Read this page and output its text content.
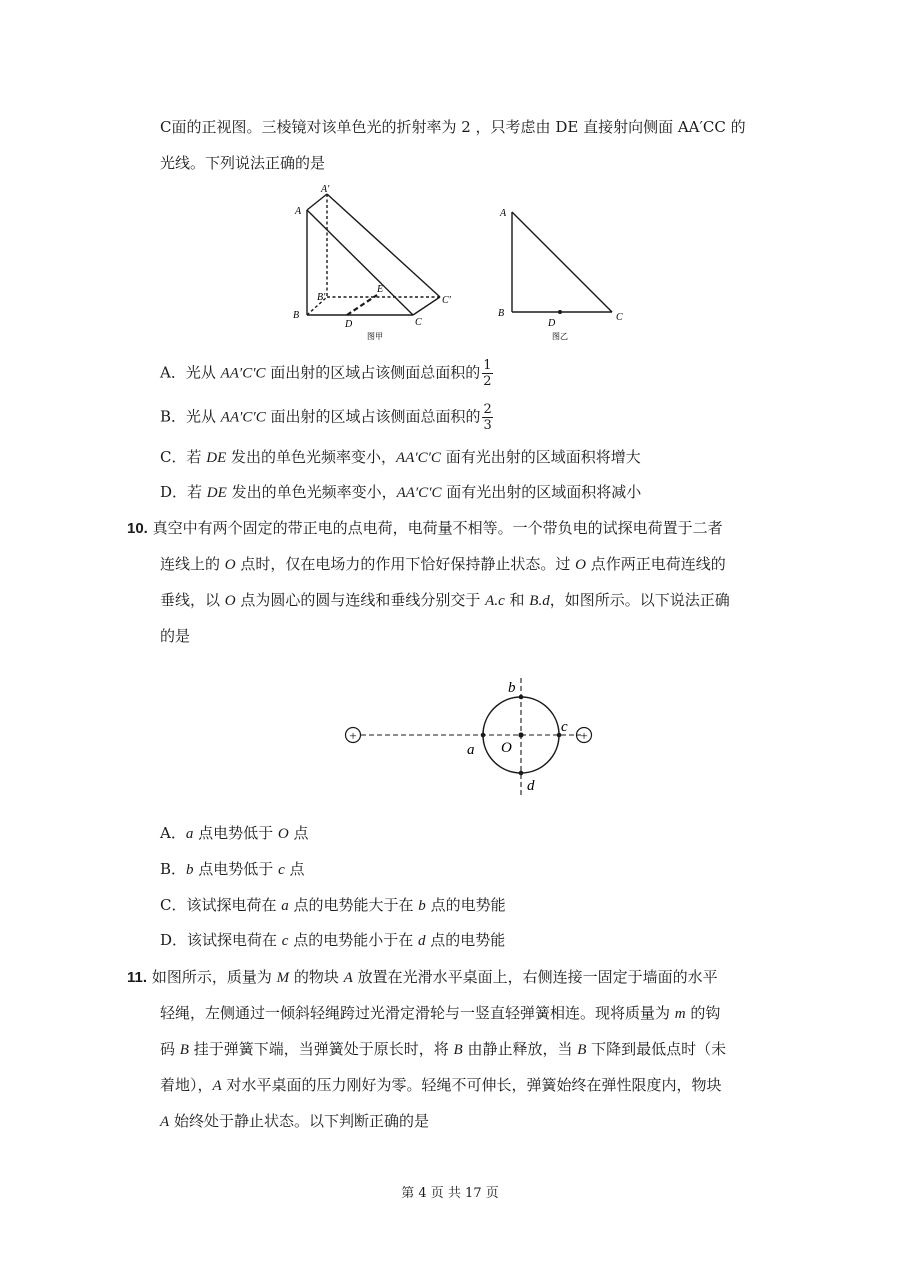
C面的正视图。三棱镜对该单色光的折射率为 2 ，只考虑由 DE 直接射向侧面 AA′CC 的
光线。下列说法正确的是
A
A′
B
B′
C
C′
D
E
图甲
A
B	C
D
图乙
A．光从 AA′C′C 面出射的区域占该侧面总面积的 $\frac{1}{2}$
B．光从 AA′C′C 面出射的区域占该侧面总面积的 $\frac{2}{3}$
C．若 DE 发出的单色光频率变小，AA′C′C 面有光出射的区域面积将增大
D．若 DE 发出的单色光频率变小，AA′C′C 面有光出射的区域面积将减小
10. 真空中有两个固定的带正电的点电荷，电荷量不相等。一个带负电的试探电荷置于二者
连线上的 O 点时，仅在电场力的作用下恰好保持静止状态。过 O 点作两正电荷连线的
垂线，以 O 点为圆心的圆与连线和垂线分别交于 A.c 和 B.d，如图所示。以下说法正确
的是
+	+
a
b
c
d
O
A．a 点电势低于 O 点
B．b 点电势低于 c 点
C．该试探电荷在 a 点的电势能大于在 b 点的电势能
D．该试探电荷在 c 点的电势能小于在 d 点的电势能
11. 如图所示，质量为 M 的物块 A 放置在光滑水平桌面上，右侧连接一固定于墙面的水平
轻绳，左侧通过一倾斜轻绳跨过光滑定滑轮与一竖直轻弹簧相连。现将质量为 m 的钩
码 B 挂于弹簧下端，当弹簧处于原长时，将 B 由静止释放，当 B 下降到最低点时（未
着地），A 对水平桌面的压力刚好为零。轻绳不可伸长，弹簧始终在弹性限度内，物块
A 始终处于静止状态。以下判断正确的是
第 4 页 共 17 页
